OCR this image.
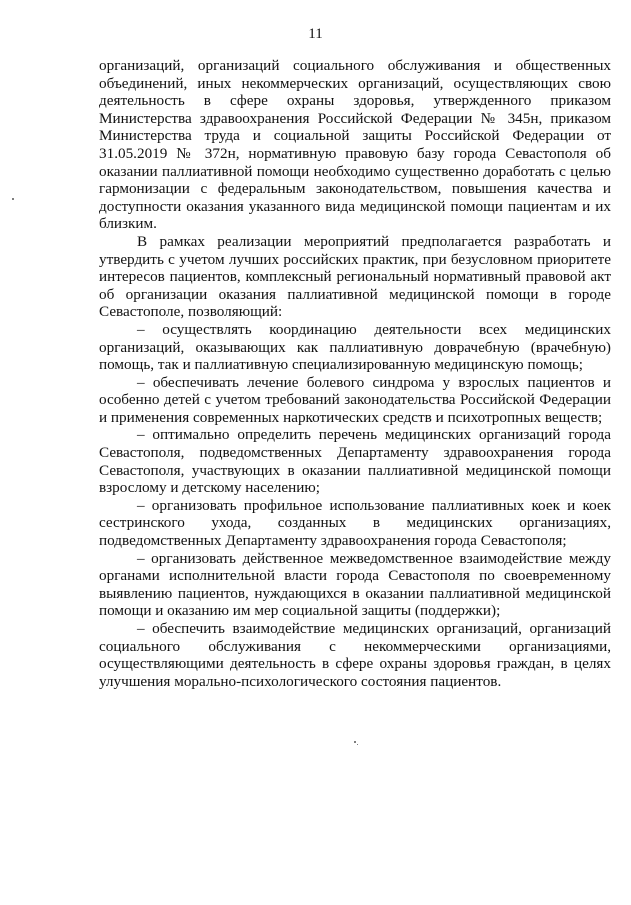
11

организаций, организаций социального обслуживания и общественных объединений, иных некоммерческих организаций, осуществляющих свою деятельность в сфере охраны здоровья, утвержденного приказом Министерства здравоохранения Российской Федерации № 345н, приказом Министерства труда и социальной защиты Российской Федерации от 31.05.2019 № 372н, нормативную правовую базу города Севастополя об оказании паллиативной помощи необходимо существенно доработать с целью гармонизации с федеральным законодательством, повышения качества и доступности оказания указанного вида медицинской помощи пациентам и их близким.

В рамках реализации мероприятий предполагается разработать и утвердить с учетом лучших российских практик, при безусловном приоритете интересов пациентов, комплексный региональный нормативный правовой акт об организации оказания паллиативной медицинской помощи в городе Севастополе, позволяющий:

– осуществлять координацию деятельности всех медицинских организаций, оказывающих как паллиативную доврачебную (врачебную) помощь, так и паллиативную специализированную медицинскую помощь;

– обеспечивать лечение болевого синдрома у взрослых пациентов и особенно детей с учетом требований законодательства Российской Федерации и применения современных наркотических средств и психотропных веществ;

– оптимально определить перечень медицинских организаций города Севастополя, подведомственных Департаменту здравоохранения города Севастополя, участвующих в оказании паллиативной медицинской помощи взрослому и детскому населению;

– организовать профильное использование паллиативных коек и коек сестринского ухода, созданных в медицинских организациях, подведомственных Департаменту здравоохранения города Севастополя;

– организовать действенное межведомственное взаимодействие между органами исполнительной власти города Севастополя по своевременному выявлению пациентов, нуждающихся в оказании паллиативной медицинской помощи и оказанию им мер социальной защиты (поддержки);

– обеспечить взаимодействие медицинских организаций, организаций социального обслуживания с некоммерческими организациями, осуществляющими деятельность в сфере охраны здоровья граждан, в целях улучшения морально-психологического состояния пациентов.
